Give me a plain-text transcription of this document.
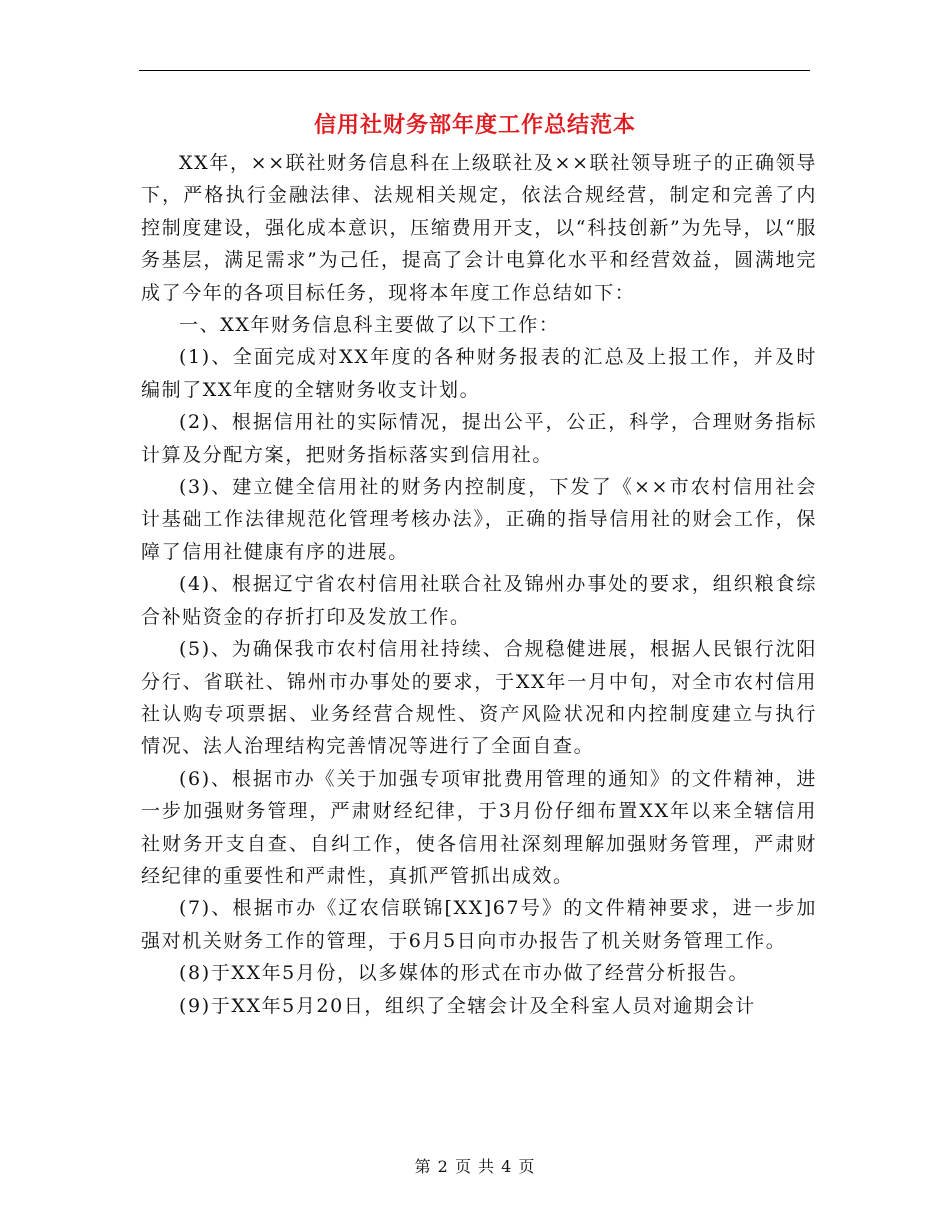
信用社财务部年度工作总结范本

XX年，××联社财务信息科在上级联社及××联社领导班子的正确领导下，严格执行金融法律、法规相关规定，依法合规经营，制定和完善了内控制度建设，强化成本意识，压缩费用开支，以“科技创新”为先导，以“服务基层，满足需求”为己任，提高了会计电算化水平和经营效益，圆满地完成了今年的各项目标任务，现将本年度工作总结如下：

一、XX年财务信息科主要做了以下工作：

(1)、全面完成对XX年度的各种财务报表的汇总及上报工作，并及时编制了XX年度的全辖财务收支计划。

(2)、根据信用社的实际情况，提出公平，公正，科学，合理财务指标计算及分配方案，把财务指标落实到信用社。

(3)、建立健全信用社的财务内控制度，下发了《××市农村信用社会计基础工作法律规范化管理考核办法》，正确的指导信用社的财会工作，保障了信用社健康有序的进展。

(4)、根据辽宁省农村信用社联合社及锦州办事处的要求，组织粮食综合补贴资金的存折打印及发放工作。

(5)、为确保我市农村信用社持续、合规稳健进展，根据人民银行沈阳分行、省联社、锦州市办事处的要求，于XX年一月中旬，对全市农村信用社认购专项票据、业务经营合规性、资产风险状况和内控制度建立与执行情况、法人治理结构完善情况等进行了全面自查。

(6)、根据市办《关于加强专项审批费用管理的通知》的文件精神，进一步加强财务管理，严肃财经纪律，于3月份仔细布置XX年以来全辖信用社财务开支自查、自纠工作，使各信用社深刻理解加强财务管理，严肃财经纪律的重要性和严肃性，真抓严管抓出成效。

(7)、根据市办《辽农信联锦[XX]67号》的文件精神要求，进一步加强对机关财务工作的管理，于6月5日向市办报告了机关财务管理工作。

(8)于XX年5月份，以多媒体的形式在市办做了经营分析报告。

(9)于XX年5月20日，组织了全辖会计及全科室人员对逾期会计

第 2 页 共 4 页
